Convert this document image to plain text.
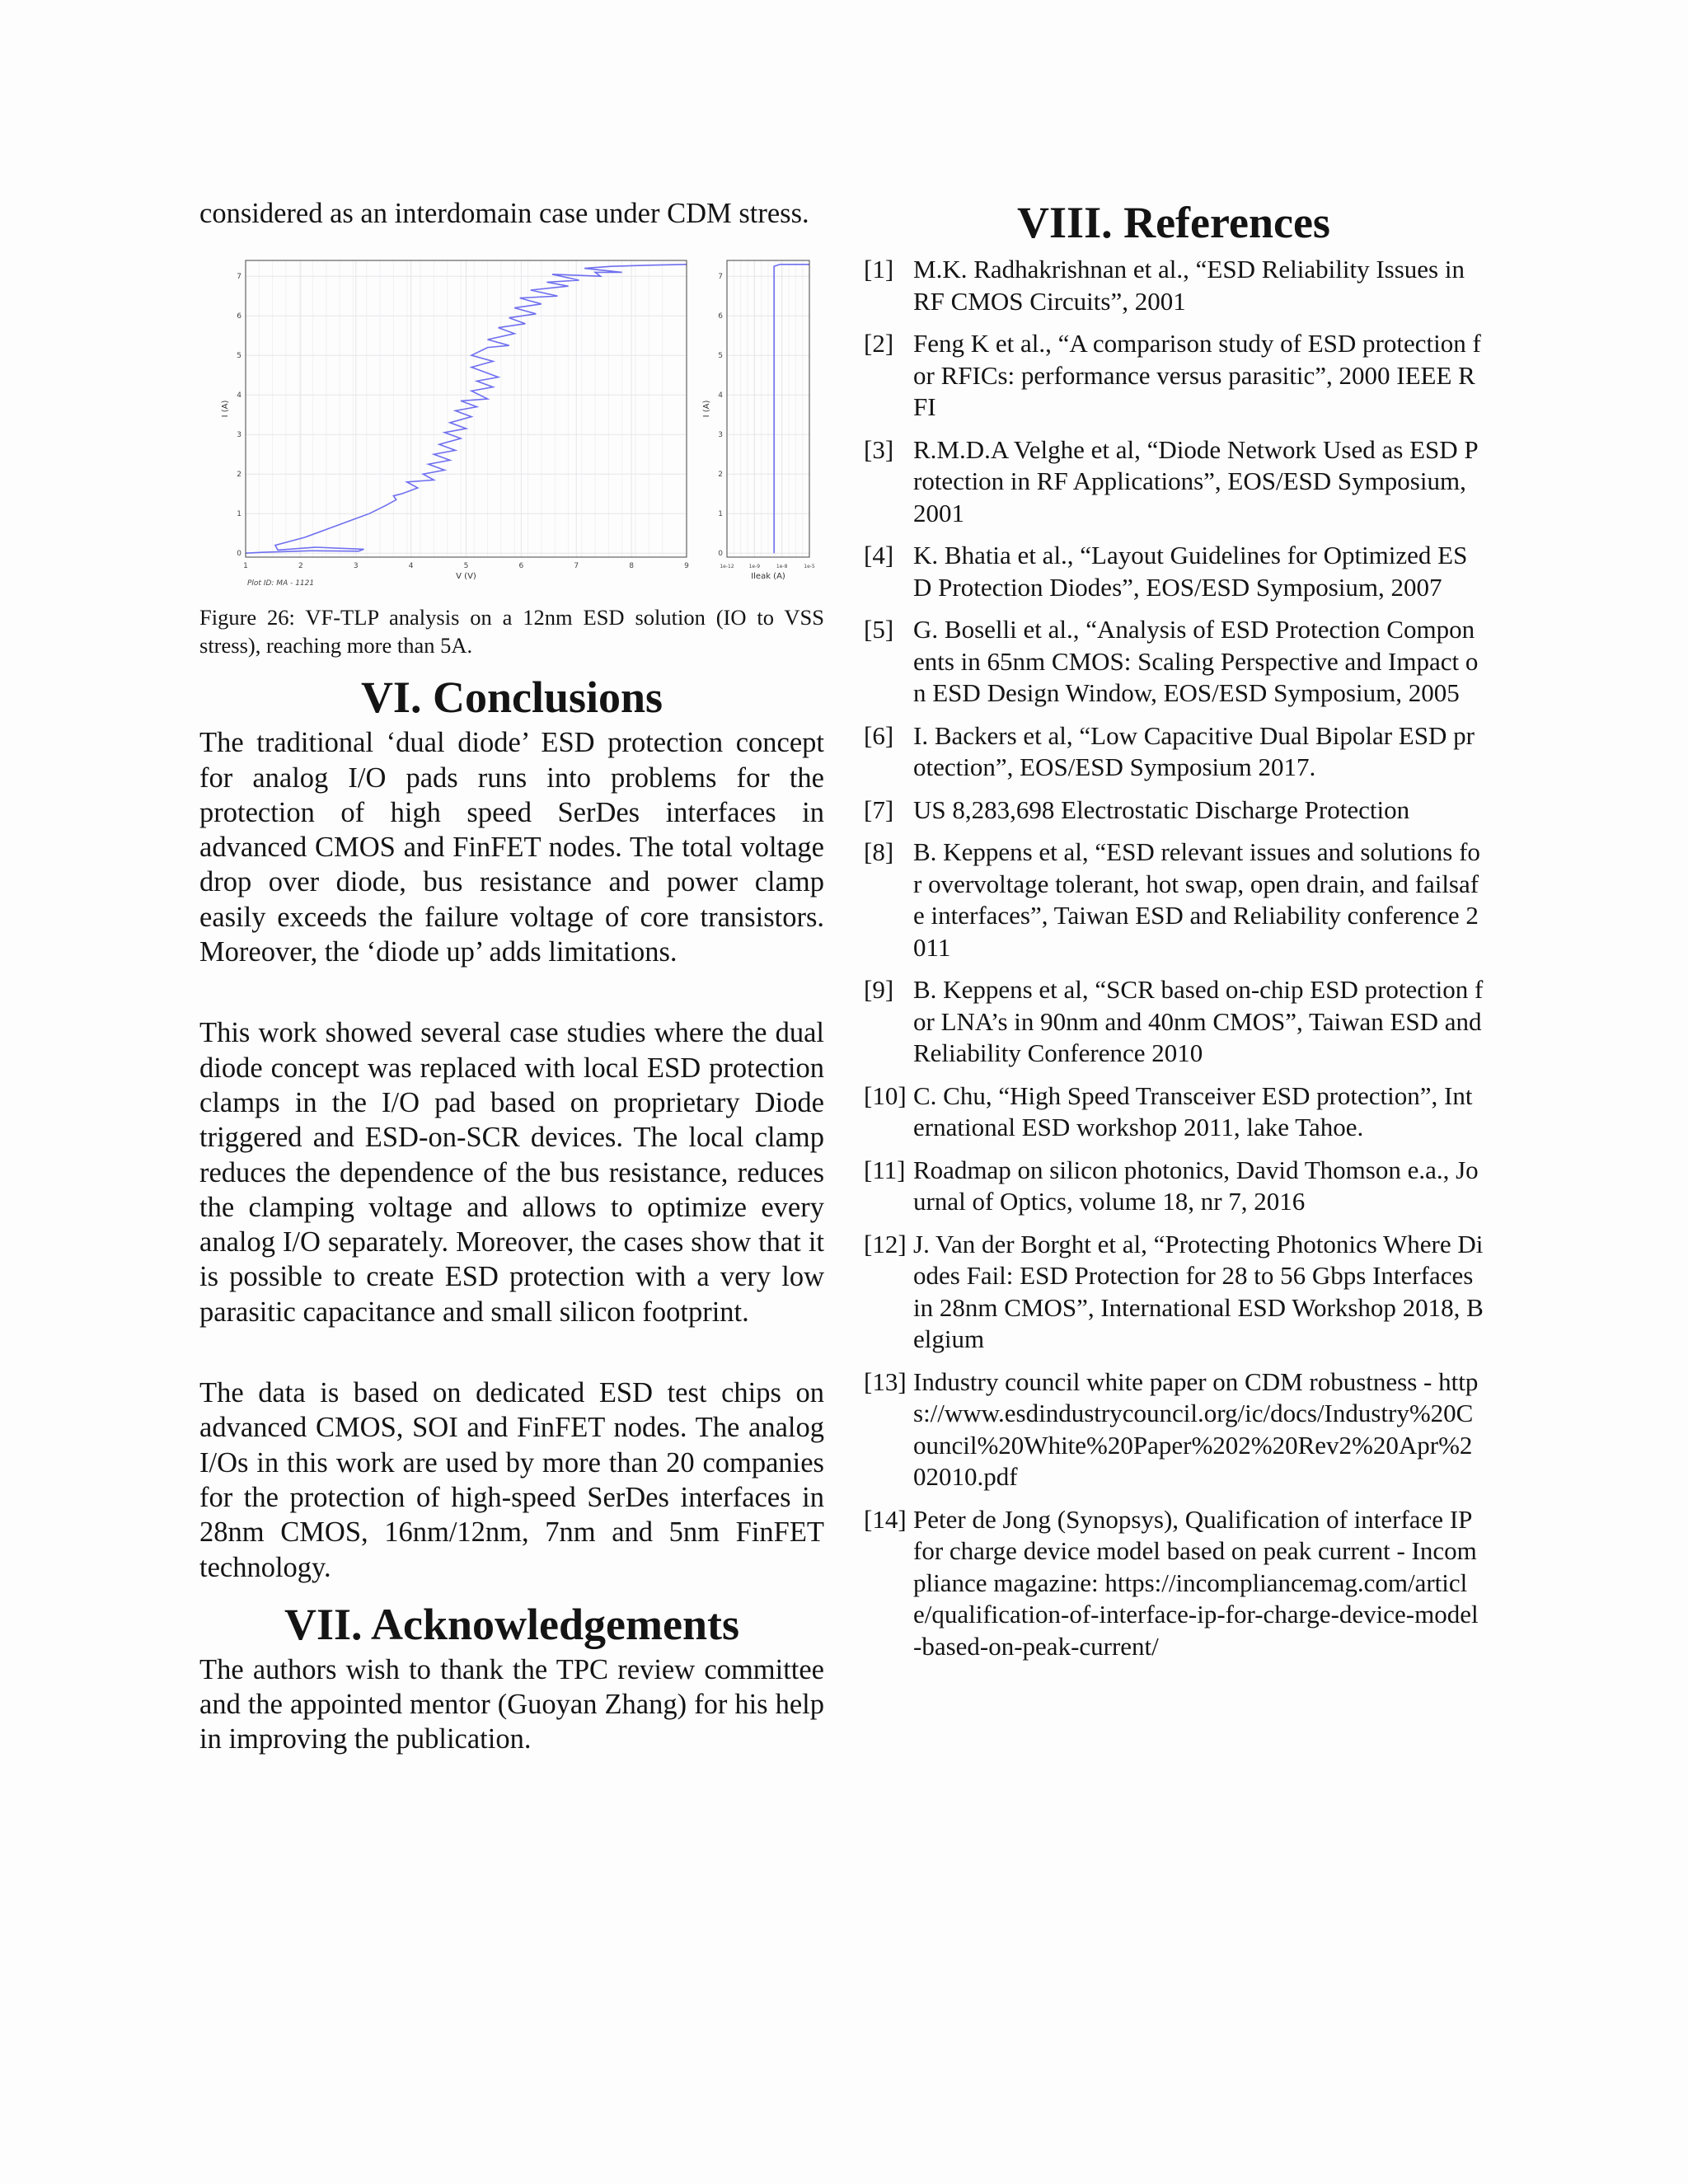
considered as an interdomain case under CDM stress.

1	2	3	4	5	6	7	8	9
0
1
2
3
4
5
6
7
V (V)
I (A)
Plot ID: MA - 1121
1e-12	1e-9	1e-8	1e-5
0
1
2
3
4
5
6
7
Ileak (A)
I (A)

Figure 26: VF-TLP analysis on a 12nm ESD solution (IO to VSS stress), reaching more than 5A.

VI. Conclusions

The traditional ‘dual diode’ ESD protection concept for analog I/O pads runs into problems for the protection of high speed SerDes interfaces in advanced CMOS and FinFET nodes. The total voltage drop over diode, bus resistance and power clamp easily exceeds the failure voltage of core transistors. Moreover, the ‘diode up’ adds limitations.

This work showed several case studies where the dual diode concept was replaced with local ESD protection clamps in the I/O pad based on proprietary Diode triggered and ESD-on-SCR devices. The local clamp reduces the dependence of the bus resistance, reduces the clamping voltage and allows to optimize every analog I/O separately. Moreover, the cases show that it is possible to create ESD protection with a very low parasitic capacitance and small silicon footprint.

The data is based on dedicated ESD test chips on advanced CMOS, SOI and FinFET nodes. The analog I/Os in this work are used by more than 20 companies for the protection of high-speed SerDes interfaces in 28nm CMOS, 16nm/12nm, 7nm and 5nm FinFET technology.

VII. Acknowledgements

The authors wish to thank the TPC review committee and the appointed mentor (Guoyan Zhang) for his help in improving the publication.

VIII. References
[1] M.K. Radhakrishnan et al., “ESD Reliability Issues in RF CMOS Circuits”, 2001
[2] Feng K et al., “A comparison study of ESD protection for RFICs: performance versus parasitic”, 2000 IEEE RFI
[3] R.M.D.A Velghe et al, “Diode Network Used as ESD Protection in RF Applications”, EOS/ESD Symposium, 2001
[4] K. Bhatia et al., “Layout Guidelines for Optimized ESD Protection Diodes”, EOS/ESD Symposium, 2007
[5] G. Boselli et al., “Analysis of ESD Protection Components in 65nm CMOS: Scaling Perspective and Impact on ESD Design Window, EOS/ESD Symposium, 2005
[6] I. Backers et al, “Low Capacitive Dual Bipolar ESD protection”, EOS/ESD Symposium 2017.
[7] US 8,283,698 Electrostatic Discharge Protection
[8] B. Keppens et al, “ESD relevant issues and solutions for overvoltage tolerant, hot swap, open drain, and failsafe interfaces”, Taiwan ESD and Reliability conference 2011
[9] B. Keppens et al, “SCR based on-chip ESD protection for LNA’s in 90nm and 40nm CMOS”, Taiwan ESD and Reliability Conference 2010
[10] C. Chu, “High Speed Transceiver ESD protection”, International ESD workshop 2011, lake Tahoe.
[11] Roadmap on silicon photonics, David Thomson e.a., Journal of Optics, volume 18, nr 7, 2016
[12] J. Van der Borght et al, “Protecting Photonics Where Diodes Fail: ESD Protection for 28 to 56 Gbps Interfaces in 28nm CMOS”, International ESD Workshop 2018, Belgium
[13] Industry council white paper on CDM robustness - https://www.esdindustrycouncil.org/ic/docs/Industry%20Council%20White%20Paper%202%20Rev2%20Apr%202010.pdf
[14] Peter de Jong (Synopsys), Qualification of interface IP for charge device model based on peak current - Incompliance magazine: https://incompliancemag.com/article/qualification-of-interface-ip-for-charge-device-model-based-on-peak-current/
